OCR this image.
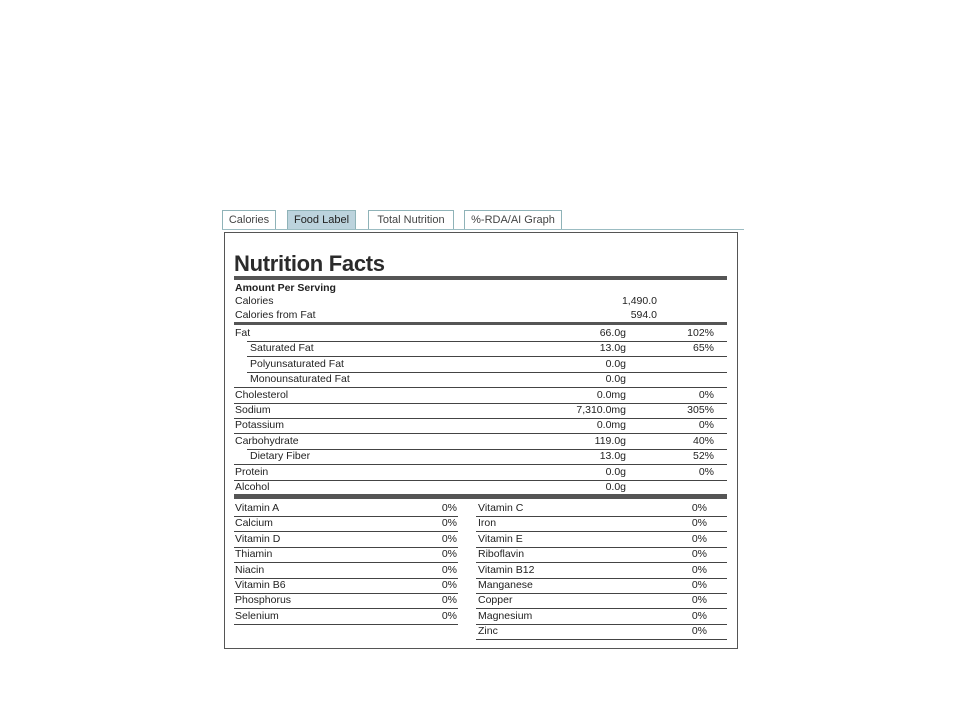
Calories	Food Label	Total Nutrition	%-RDA/AI Graph
Nutrition Facts
Amount Per Serving
Calories	1,490.0
Calories from Fat	594.0
Fat	66.0g	102%
Saturated Fat	13.0g	65%
Polyunsaturated Fat	0.0g
Monounsaturated Fat	0.0g
Cholesterol	0.0mg	0%
Sodium	7,310.0mg	305%
Potassium	0.0mg	0%
Carbohydrate	119.0g	40%
Dietary Fiber	13.0g	52%
Protein	0.0g	0%
Alcohol	0.0g
Vitamin A	0% Vitamin C	0%
Calcium	0% Iron	0%
Vitamin D	0% Vitamin E	0%
Thiamin	0% Riboflavin	0%
Niacin	0% Vitamin B12	0%
Vitamin B6	0% Manganese	0%
Phosphorus	0% Copper	0%
Selenium	0% Magnesium	0%
Zinc	0%
